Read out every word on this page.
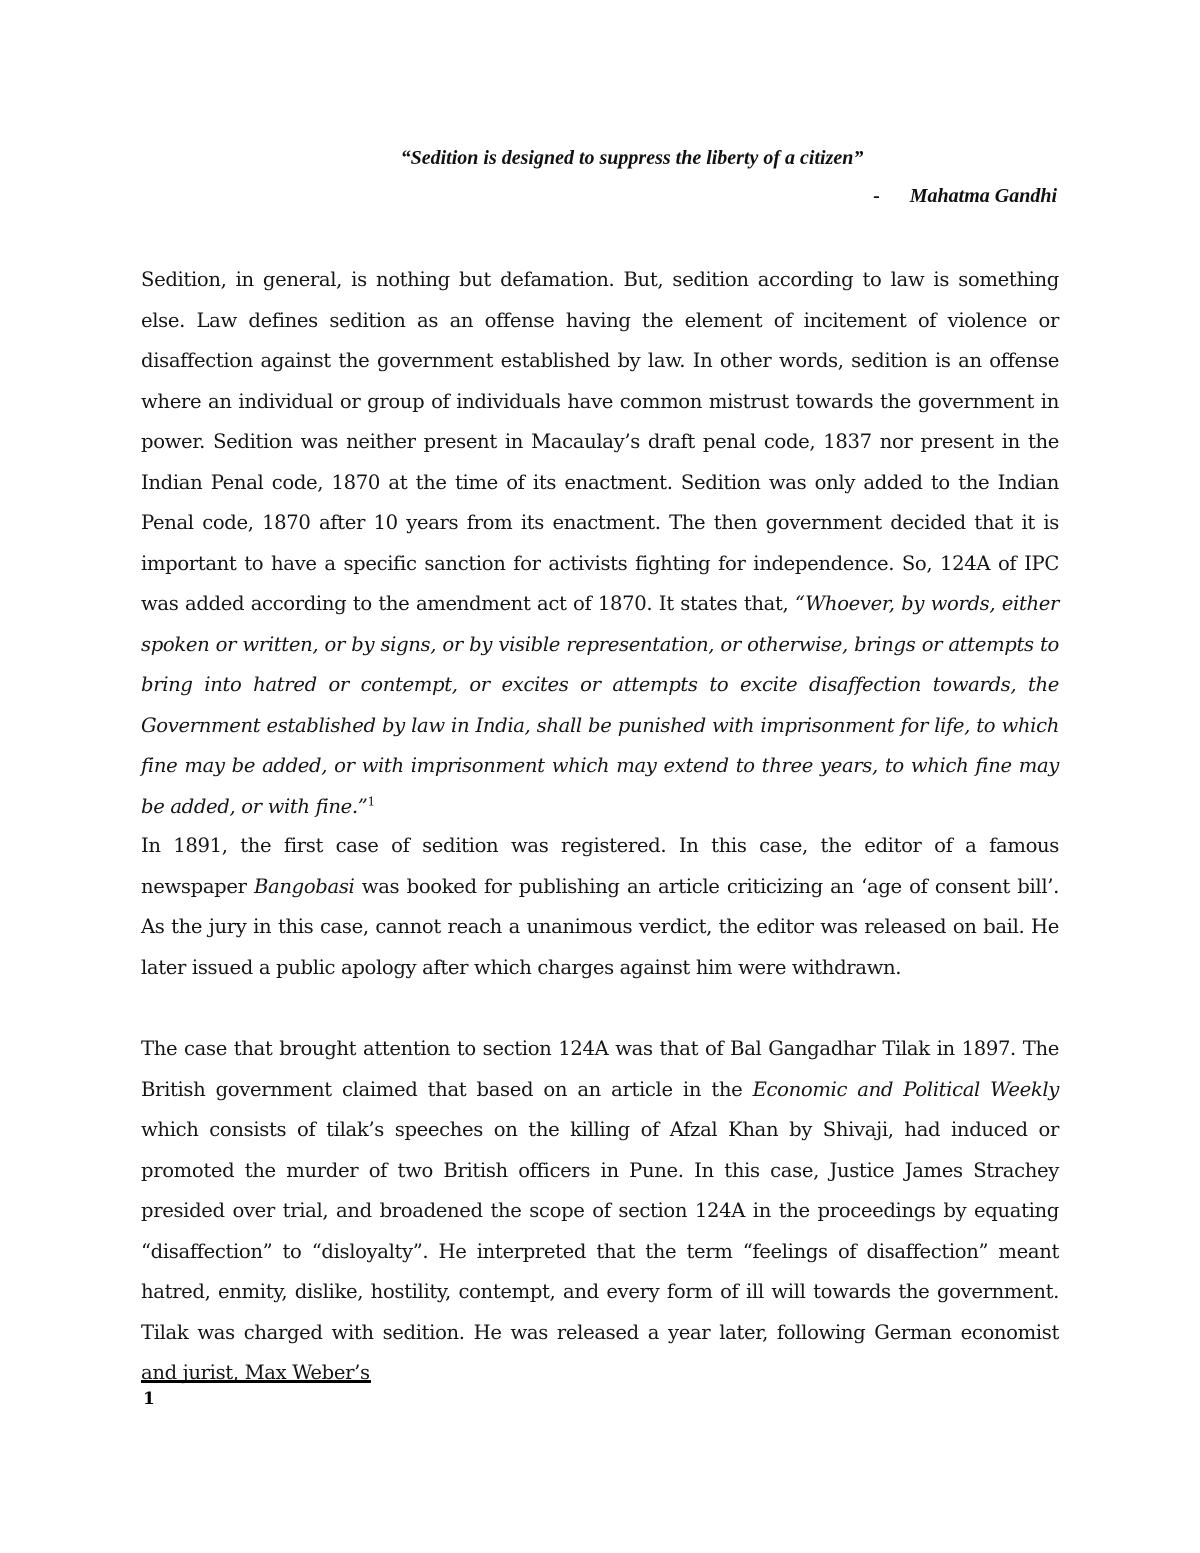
“Sedition is designed to suppress the liberty of a citizen”
- Mahatma Gandhi

Sedition, in general, is nothing but defamation. But, sedition according to law is something else. Law defines sedition as an offense having the element of incitement of violence or disaffection against the government established by law. In other words, sedition is an offense where an individual or group of individuals have common mistrust towards the government in power. Sedition was neither present in Macaulay’s draft penal code, 1837 nor present in the Indian Penal code, 1870 at the time of its enactment. Sedition was only added to the Indian Penal code, 1870 after 10 years from its enactment. The then government decided that it is important to have a specific sanction for activists fighting for independence. So, 124A of IPC was added according to the amendment act of 1870. It states that, “Whoever, by words, either spoken or written, or by signs, or by visible representation, or otherwise, brings or attempts to bring into hatred or contempt, or excites or attempts to excite disaffection towards, the Government established by law in India, shall be punished with imprisonment for life, to which fine may be added, or with imprisonment which may extend to three years, to which fine may be added, or with fine.”$^1$

In 1891, the first case of sedition was registered. In this case, the editor of a famous newspaper Bangobasi was booked for publishing an article criticizing an ‘age of consent bill’. As the jury in this case, cannot reach a unanimous verdict, the editor was released on bail. He later issued a public apology after which charges against him were withdrawn.

The case that brought attention to section 124A was that of Bal Gangadhar Tilak in 1897. The British government claimed that based on an article in the Economic and Political Weekly which consists of tilak’s speeches on the killing of Afzal Khan by Shivaji, had induced or promoted the murder of two British officers in Pune. In this case, Justice James Strachey presided over trial, and broadened the scope of section 124A in the proceedings by equating “disaffection” to “disloyalty”. He interpreted that the term “feelings of disaffection” meant hatred, enmity, dislike, hostility, contempt, and every form of ill will towards the government. Tilak was charged with sedition. He was released a year later, following German economist and jurist, Max Weber’s

1
